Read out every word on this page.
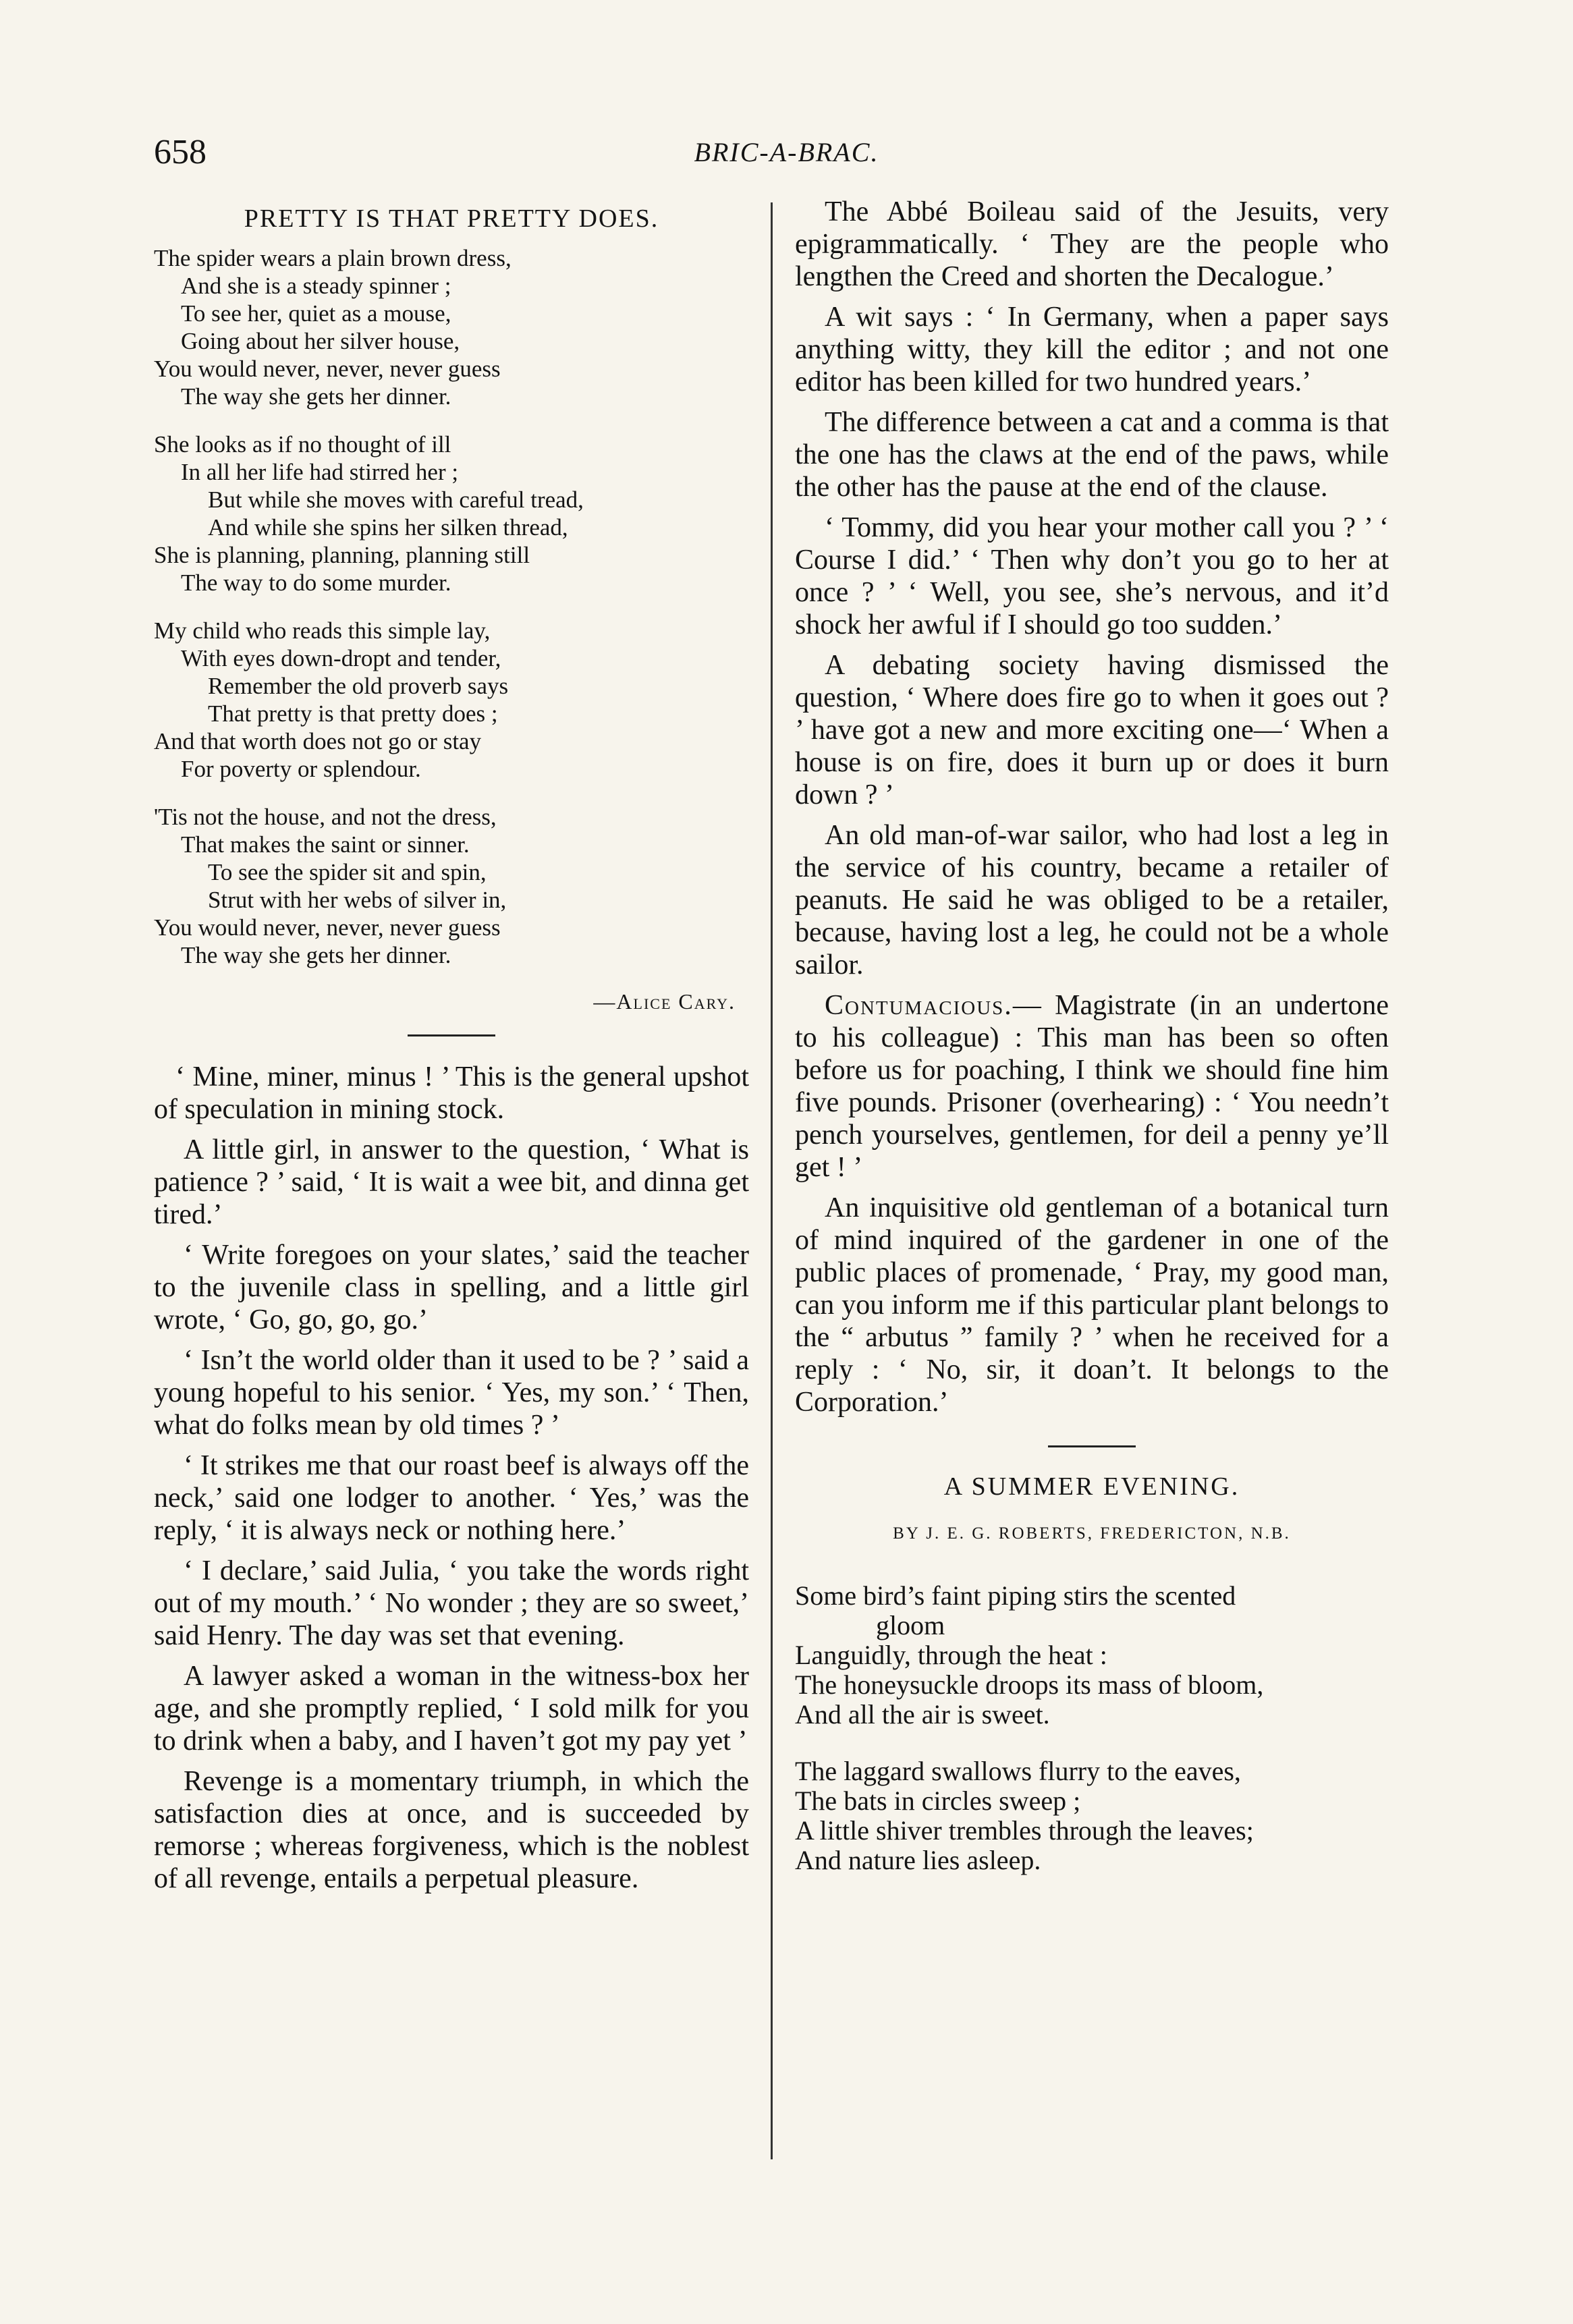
658	BRIC-A-BRAC.
PRETTY IS THAT PRETTY DOES.
The spider wears a plain brown dress,
And she is a steady spinner ;
To see her, quiet as a mouse,
Going about her silver house,
You would never, never, never guess
The way she gets her dinner.
She looks as if no thought of ill
In all her life had stirred her ;
But while she moves with careful tread,
And while she spins her silken thread,
She is planning, planning, planning still
The way to do some murder.
My child who reads this simple lay,
With eyes down-dropt and tender,
Remember the old proverb says
That pretty is that pretty does ;
And that worth does not go or stay
For poverty or splendour.
'Tis not the house, and not the dress,
That makes the saint or sinner.
To see the spider sit and spin,
Strut with her webs of silver in,
You would never, never, never guess
The way she gets her dinner.
—Alice Cary.

‘ Mine, miner, minus ! ’ This is the general upshot of speculation in mining stock.

A little girl, in answer to the question, ‘ What is patience ? ’ said, ‘ It is wait a wee bit, and dinna get tired.’

‘ Write foregoes on your slates,’ said the teacher to the juvenile class in spelling, and a little girl wrote, ‘ Go, go, go, go.’

‘ Isn’t the world older than it used to be ? ’ said a young hopeful to his senior. ‘ Yes, my son.’ ‘ Then, what do folks mean by old times ? ’

‘ It strikes me that our roast beef is always off the neck,’ said one lodger to another. ‘ Yes,’ was the reply, ‘ it is always neck or nothing here.’

‘ I declare,’ said Julia, ‘ you take the words right out of my mouth.’ ‘ No wonder ; they are so sweet,’ said Henry. The day was set that evening.

A lawyer asked a woman in the witness-box her age, and she promptly replied, ‘ I sold milk for you to drink when a baby, and I haven’t got my pay yet ’

Revenge is a momentary triumph, in which the satisfaction dies at once, and is succeeded by remorse ; whereas forgiveness, which is the noblest of all revenge, entails a perpetual pleasure.

The Abbé Boileau said of the Jesuits, very epigrammatically. ‘ They are the people who lengthen the Creed and shorten the Decalogue.’

A wit says : ‘ In Germany, when a paper says anything witty, they kill the editor ; and not one editor has been killed for two hundred years.’

The difference between a cat and a comma is that the one has the claws at the end of the paws, while the other has the pause at the end of the clause.

‘ Tommy, did you hear your mother call you ? ’ ‘ Course I did.’ ‘ Then why don’t you go to her at once ? ’ ‘ Well, you see, she’s nervous, and it’d shock her awful if I should go too sudden.’

A debating society having dismissed the question, ‘ Where does fire go to when it goes out ? ’ have got a new and more exciting one—‘ When a house is on fire, does it burn up or does it burn down ? ’

An old man-of-war sailor, who had lost a leg in the service of his country, became a retailer of peanuts. He said he was obliged to be a retailer, because, having lost a leg, he could not be a whole sailor.

Contumacious.— Magistrate (in an undertone to his colleague) : This man has been so often before us for poaching, I think we should fine him five pounds. Prisoner (overhearing) : ‘ You needn’t pench yourselves, gentlemen, for deil a penny ye’ll get ! ’

An inquisitive old gentleman of a botanical turn of mind inquired of the gardener in one of the public places of promenade, ‘ Pray, my good man, can you inform me if this particular plant belongs to the “ arbutus ” family ? ’ when he received for a reply : ‘ No, sir, it doan’t. It belongs to the Corporation.’

A SUMMER EVENING.
BY J. E. G. ROBERTS, FREDERICTON, N.B.
Some bird’s faint piping stirs the scented
gloom
Languidly, through the heat :
The honeysuckle droops its mass of bloom,
And all the air is sweet.
The laggard swallows flurry to the eaves,
The bats in circles sweep ;
A little shiver trembles through the leaves;
And nature lies asleep.
